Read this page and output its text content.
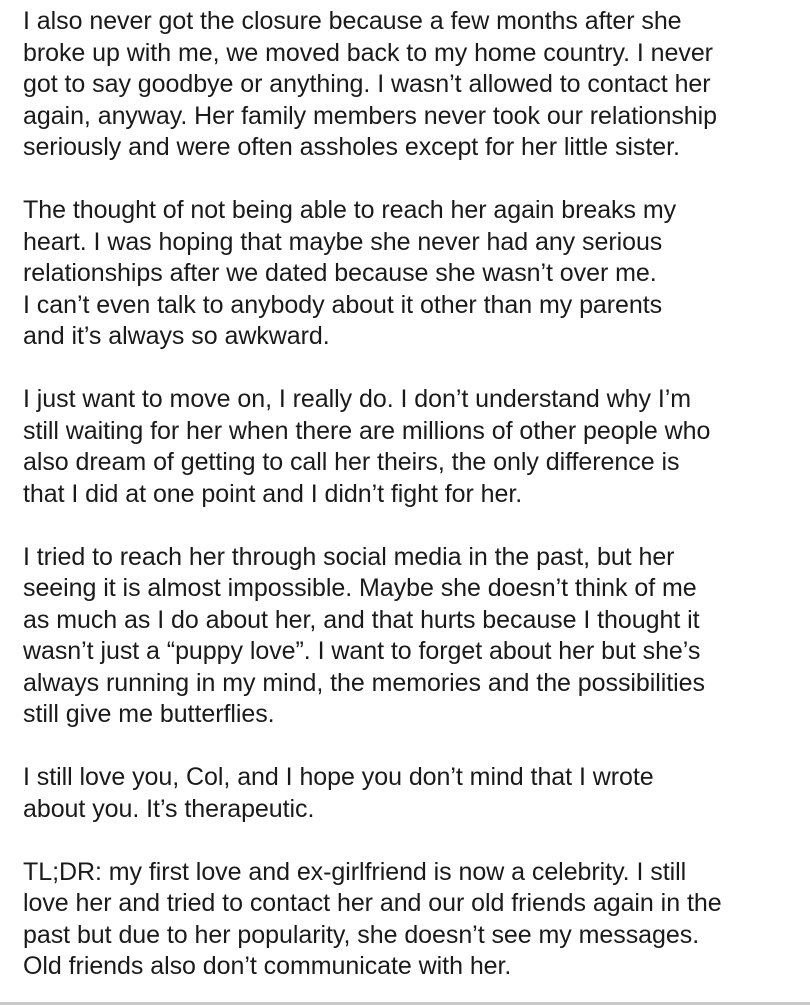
I also never got the closure because a few months after she
broke up with me, we moved back to my home country. I never
got to say goodbye or anything. I wasn’t allowed to contact her
again, anyway. Her family members never took our relationship
seriously and were often assholes except for her little sister.

The thought of not being able to reach her again breaks my
heart. I was hoping that maybe she never had any serious
relationships after we dated because she wasn’t over me.
I can’t even talk to anybody about it other than my parents
and it’s always so awkward.

I just want to move on, I really do. I don’t understand why I’m
still waiting for her when there are millions of other people who
also dream of getting to call her theirs, the only difference is
that I did at one point and I didn’t fight for her.

I tried to reach her through social media in the past, but her
seeing it is almost impossible. Maybe she doesn’t think of me
as much as I do about her, and that hurts because I thought it
wasn’t just a “puppy love”. I want to forget about her but she’s
always running in my mind, the memories and the possibilities
still give me butterflies.

I still love you, Col, and I hope you don’t mind that I wrote
about you. It’s therapeutic.

TL;DR: my first love and ex-girlfriend is now a celebrity. I still
love her and tried to contact her and our old friends again in the
past but due to her popularity, she doesn’t see my messages.
Old friends also don’t communicate with her.
